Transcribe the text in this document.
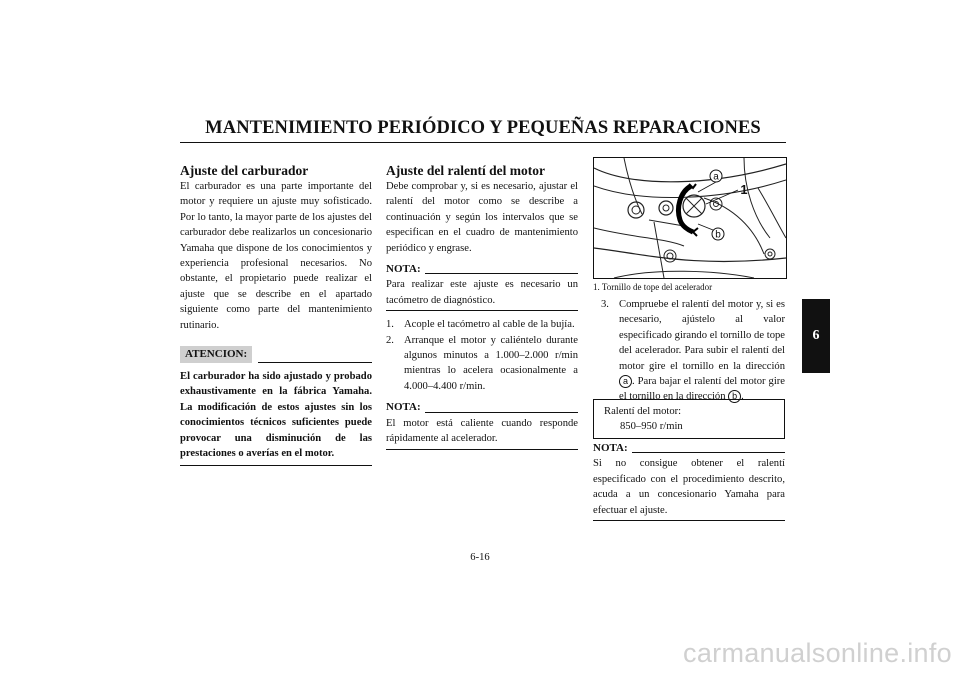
MANTENIMIENTO PERIÓDICO Y PEQUEÑAS REPARACIONES
6

Ajuste del carburador

El carburador es una parte importante del motor y requiere un ajuste muy sofisticado. Por lo tanto, la mayor parte de los ajustes del carburador debe realizarlos un concesionario Yamaha que dispone de los conocimientos y experiencia profesional necesarios. No obstante, el propietario puede realizar el ajuste que se describe en el apartado siguiente como parte del mantenimiento rutinario.

ATENCION:

El carburador ha sido ajustado y probado exhaustivamente en la fábrica Yamaha. La modificación de estos ajustes sin los conocimientos técnicos suficientes puede provocar una disminución de las prestaciones o averías en el motor.

Ajuste del ralentí del motor

Debe comprobar y, si es necesario, ajustar el ralentí del motor como se describe a continuación y según los intervalos que se especifican en el cuadro de mantenimiento periódico y engrase.

NOTA:

Para realizar este ajuste es necesario un tacómetro de diagnóstico.

1. Acople el tacómetro al cable de la bujía.
2. Arranque el motor y caliéntelo durante algunos minutos a 1.000–2.000 r/min mientras lo acelera ocasionalmente a 4.000–4.400 r/min.
NOTA:

El motor está caliente cuando responde rápidamente al acelerador.

a
1
b
1. Tornillo de tope del acelerador
3. Compruebe el ralentí del motor y, si es necesario, ajústelo al valor especificado girando el tornillo de tope del acelerador. Para subir el ralentí del motor gire el tornillo en la dirección a . Para bajar el ralentí del motor gire el tornillo en la dirección b .
Ralentí del motor:
850–950 r/min
NOTA:

Si no consigue obtener el ralentí especificado con el procedimiento descrito, acuda a un concesionario Yamaha para efectuar el ajuste.

6-16
carmanualsonline.info
